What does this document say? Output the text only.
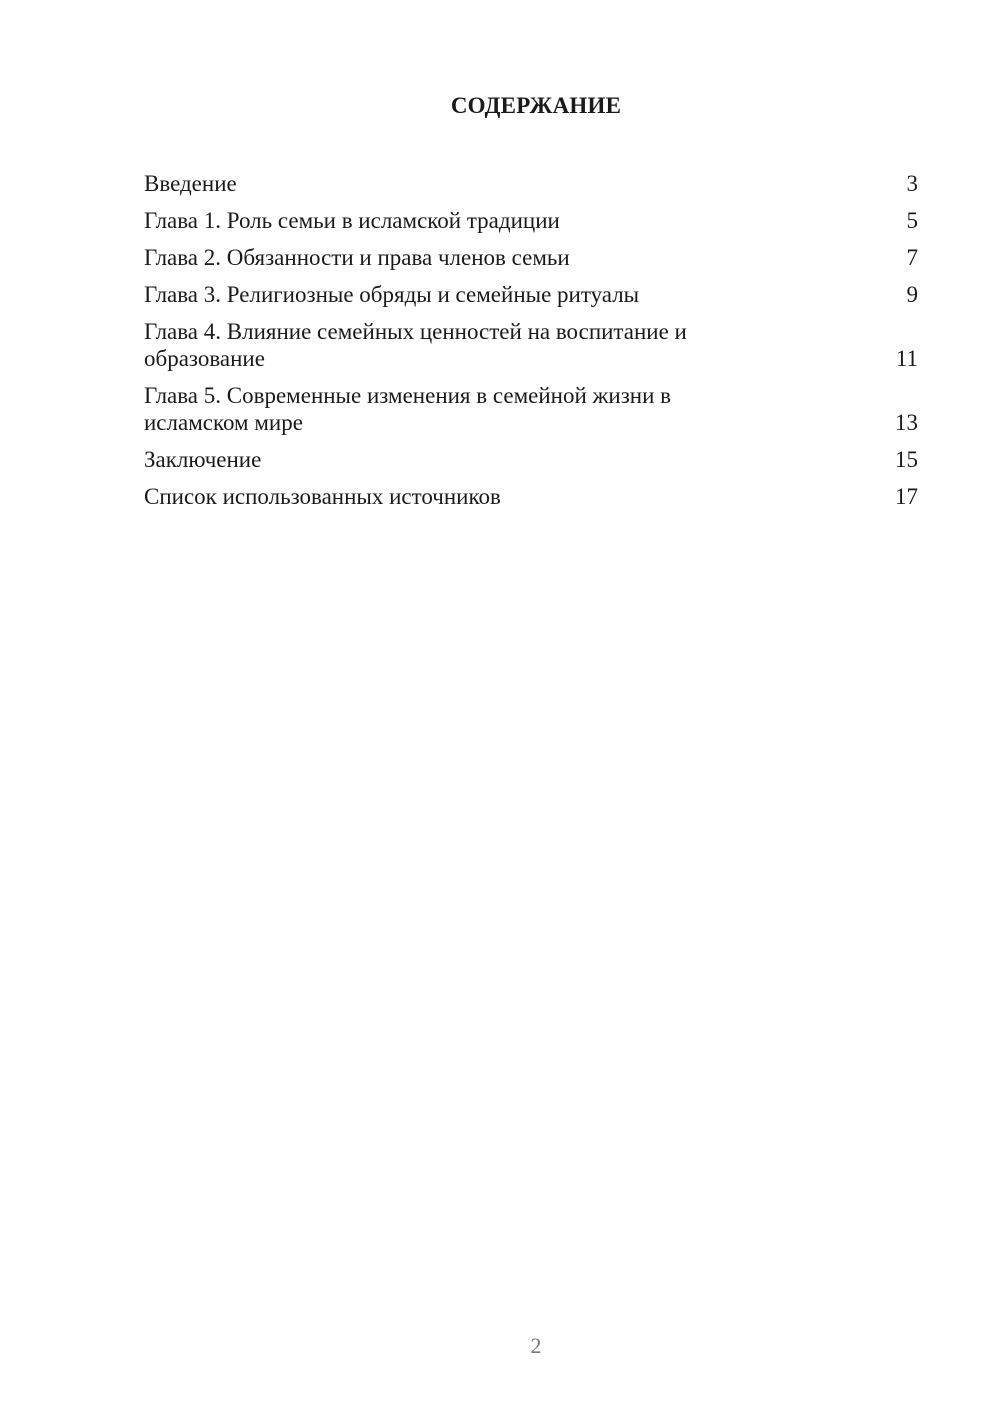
СОДЕРЖАНИЕ
Введение	3
Глава 1. Роль семьи в исламской традиции	5
Глава 2. Обязанности и права членов семьи	7
Глава 3. Религиозные обряды и семейные ритуалы	9
Глава 4. Влияние семейных ценностей на воспитание и
образование	11
Глава 5. Современные изменения в семейной жизни в
исламском мире	13
Заключение	15
Список использованных источников	17
2
